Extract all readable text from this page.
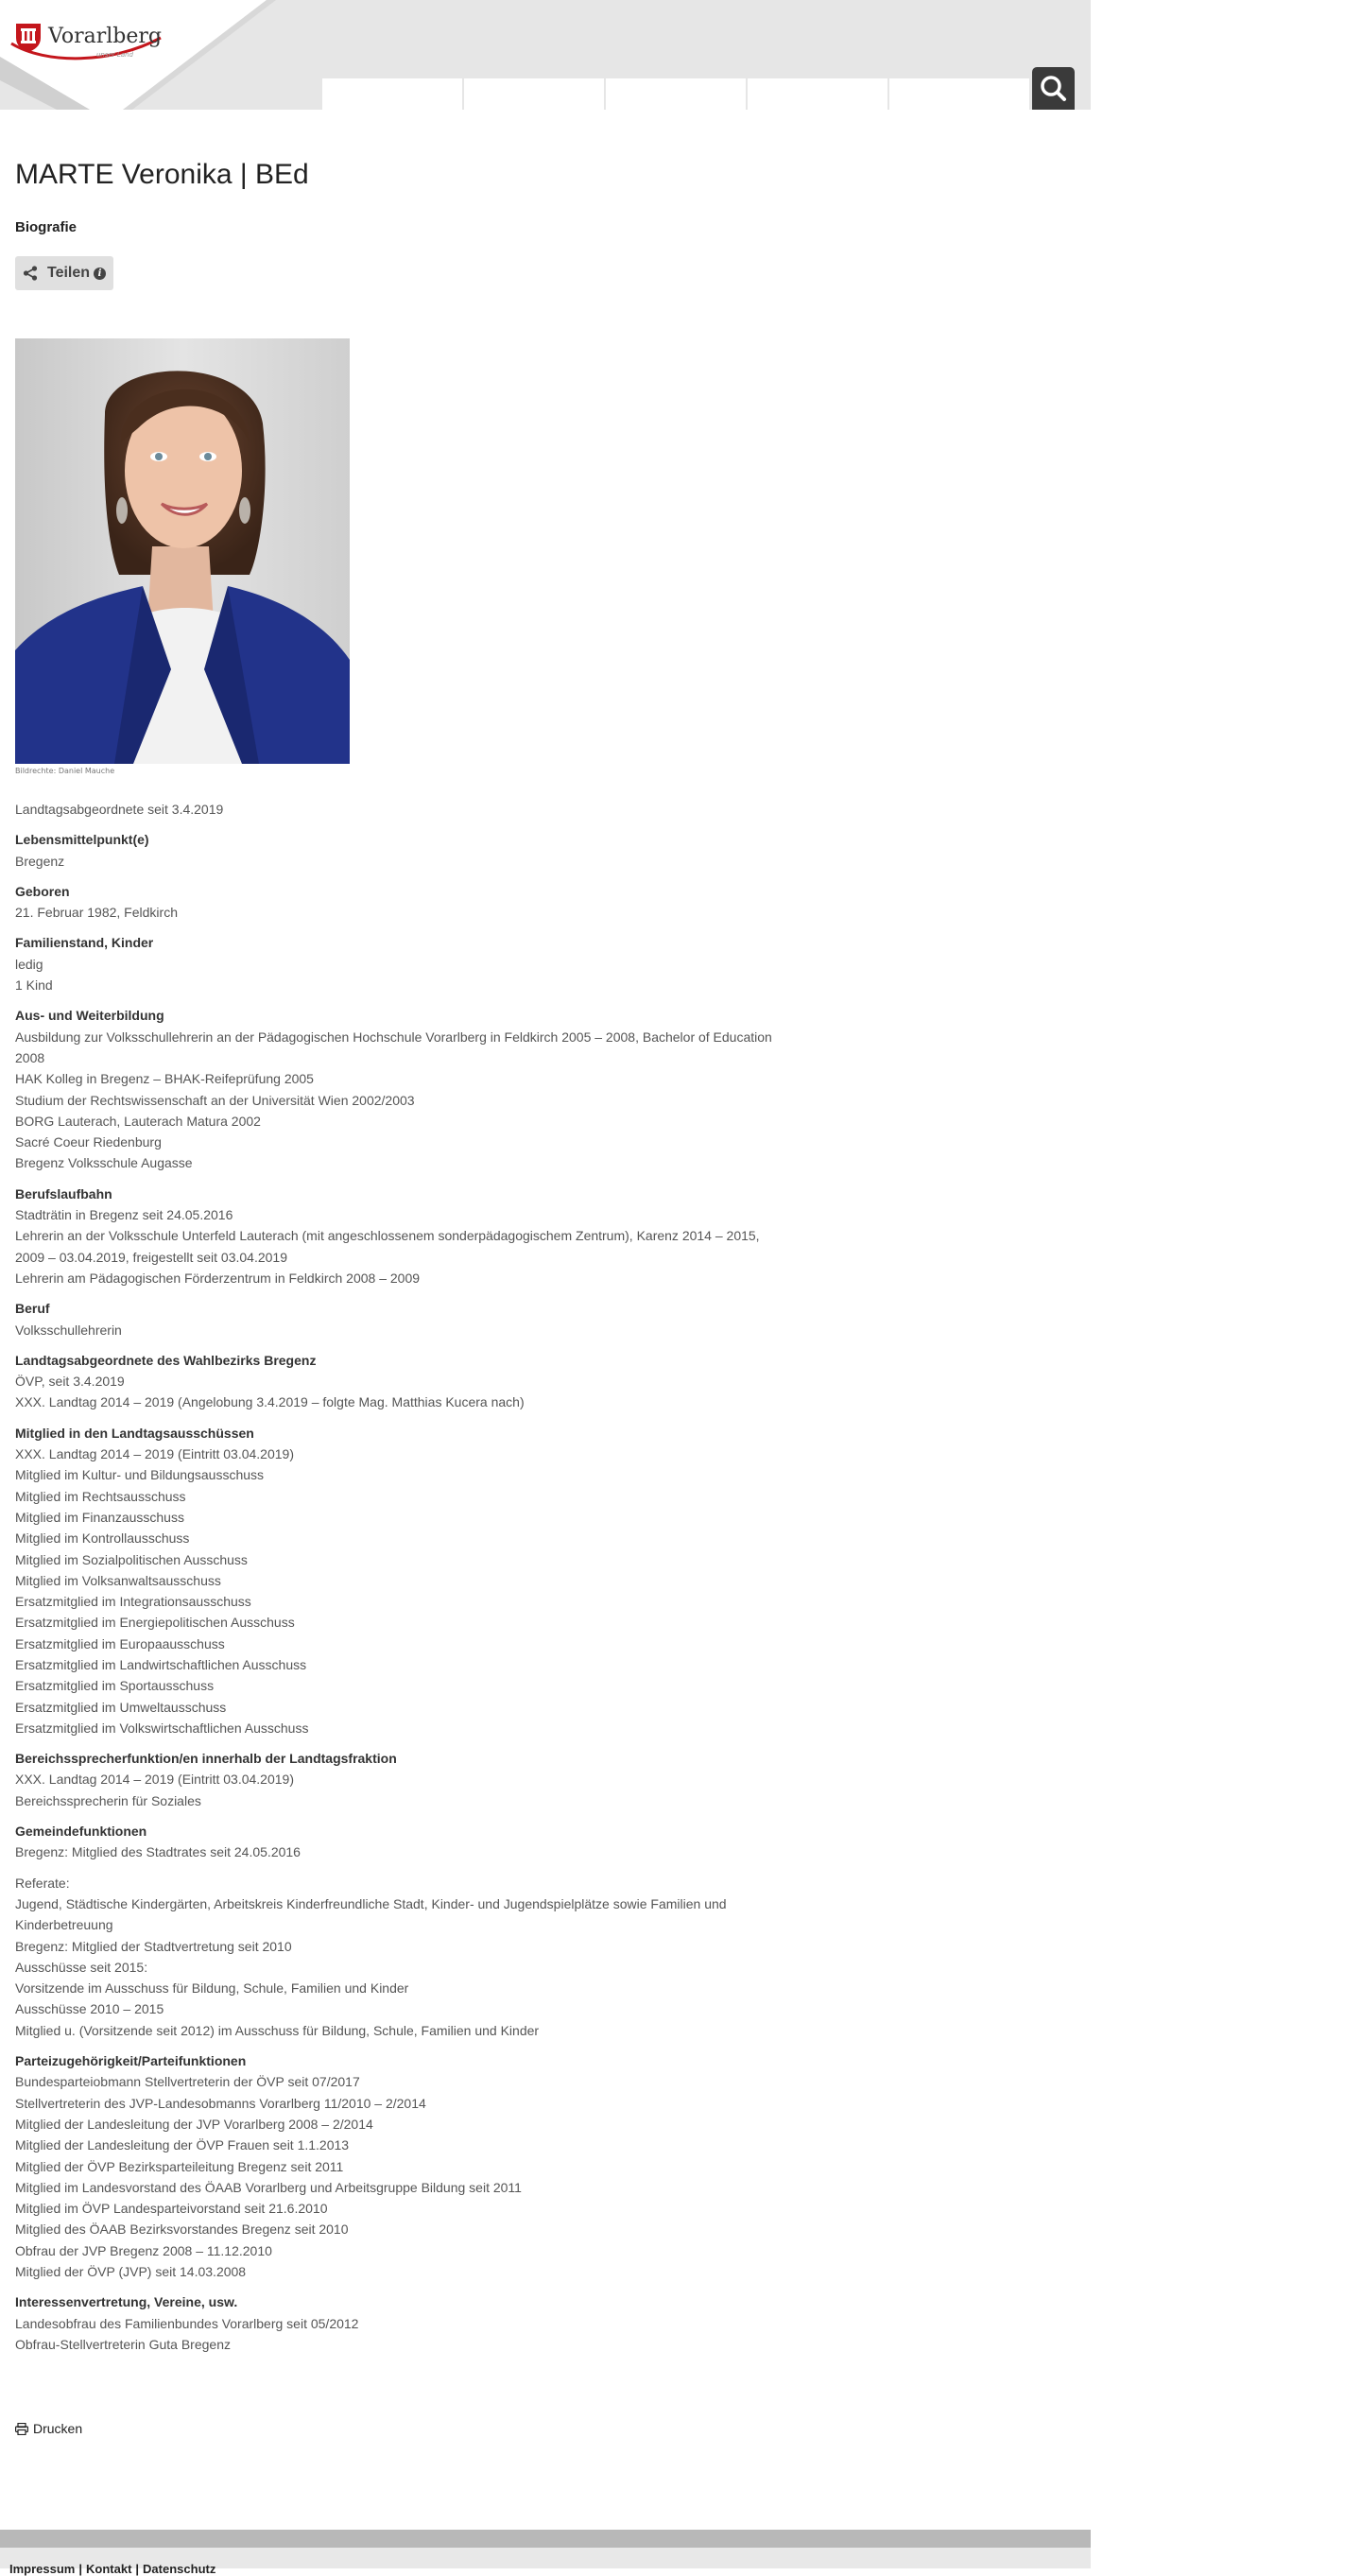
Vorarlberg
unser Land
MARTE Veronika | BEd
Biografie
Teilen i
Bildrechte: Daniel Mauche
Landtagsabgeordnete seit 3.4.2019
Lebensmittelpunkt(e)

Bregenz

Geboren

21. Februar 1982, Feldkirch

Familienstand, Kinder

ledig

1 Kind

Aus- und Weiterbildung

Ausbildung zur Volksschullehrerin an der Pädagogischen Hochschule Vorarlberg in Feldkirch 2005 – 2008, Bachelor of Education 2008

HAK Kolleg in Bregenz – BHAK-Reifeprüfung 2005

Studium der Rechtswissenschaft an der Universität Wien 2002/2003

BORG Lauterach, Lauterach Matura 2002

Sacré Coeur Riedenburg

Bregenz Volksschule Augasse

Berufslaufbahn

Stadträtin in Bregenz seit 24.05.2016

Lehrerin an der Volksschule Unterfeld Lauterach (mit angeschlossenem sonderpädagogischem Zentrum), Karenz 2014 – 2015, 2009 – 03.04.2019, freigestellt seit 03.04.2019

Lehrerin am Pädagogischen Förderzentrum in Feldkirch 2008 – 2009

Beruf

Volksschullehrerin

Landtagsabgeordnete des Wahlbezirks Bregenz

ÖVP, seit 3.4.2019

XXX. Landtag 2014 – 2019 (Angelobung 3.4.2019 – folgte Mag. Matthias Kucera nach)

Mitglied in den Landtagsausschüssen

XXX. Landtag 2014 – 2019 (Eintritt 03.04.2019)

Mitglied im Kultur- und Bildungsausschuss

Mitglied im Rechtsausschuss

Mitglied im Finanzausschuss

Mitglied im Kontrollausschuss

Mitglied im Sozialpolitischen Ausschuss

Mitglied im Volksanwaltsausschuss

Ersatzmitglied im Integrationsausschuss

Ersatzmitglied im Energiepolitischen Ausschuss

Ersatzmitglied im Europaausschuss

Ersatzmitglied im Landwirtschaftlichen Ausschuss

Ersatzmitglied im Sportausschuss

Ersatzmitglied im Umweltausschuss

Ersatzmitglied im Volkswirtschaftlichen Ausschuss

Bereichssprecherfunktion/en innerhalb der Landtagsfraktion

XXX. Landtag 2014 – 2019 (Eintritt 03.04.2019)

Bereichssprecherin für Soziales

Gemeindefunktionen

Bregenz: Mitglied des Stadtrates seit 24.05.2016

Referate:

Jugend, Städtische Kindergärten, Arbeitskreis Kinderfreundliche Stadt, Kinder- und Jugendspielplätze sowie Familien und Kinderbetreuung

Bregenz: Mitglied der Stadtvertretung seit 2010

Ausschüsse seit 2015:

Vorsitzende im Ausschuss für Bildung, Schule, Familien und Kinder

Ausschüsse 2010 – 2015

Mitglied u. (Vorsitzende seit 2012) im Ausschuss für Bildung, Schule, Familien und Kinder

Parteizugehörigkeit/Parteifunktionen

Bundesparteiobmann Stellvertreterin der ÖVP seit 07/2017

Stellvertreterin des JVP-Landesobmanns Vorarlberg 11/2010 – 2/2014

Mitglied der Landesleitung der JVP Vorarlberg 2008 – 2/2014

Mitglied der Landesleitung der ÖVP Frauen seit 1.1.2013

Mitglied der ÖVP Bezirksparteileitung Bregenz seit 2011

Mitglied im Landesvorstand des ÖAAB Vorarlberg und Arbeitsgruppe Bildung seit 2011

Mitglied im ÖVP Landesparteivorstand seit 21.6.2010

Mitglied des ÖAAB Bezirksvorstandes Bregenz seit 2010

Obfrau der JVP Bregenz 2008 – 11.12.2010

Mitglied der ÖVP (JVP) seit 14.03.2008

Interessenvertretung, Vereine, usw.

Landesobfrau des Familienbundes Vorarlberg seit 05/2012

Obfrau-Stellvertreterin Guta Bregenz

Drucken
Impressum | Kontakt | Datenschutz
